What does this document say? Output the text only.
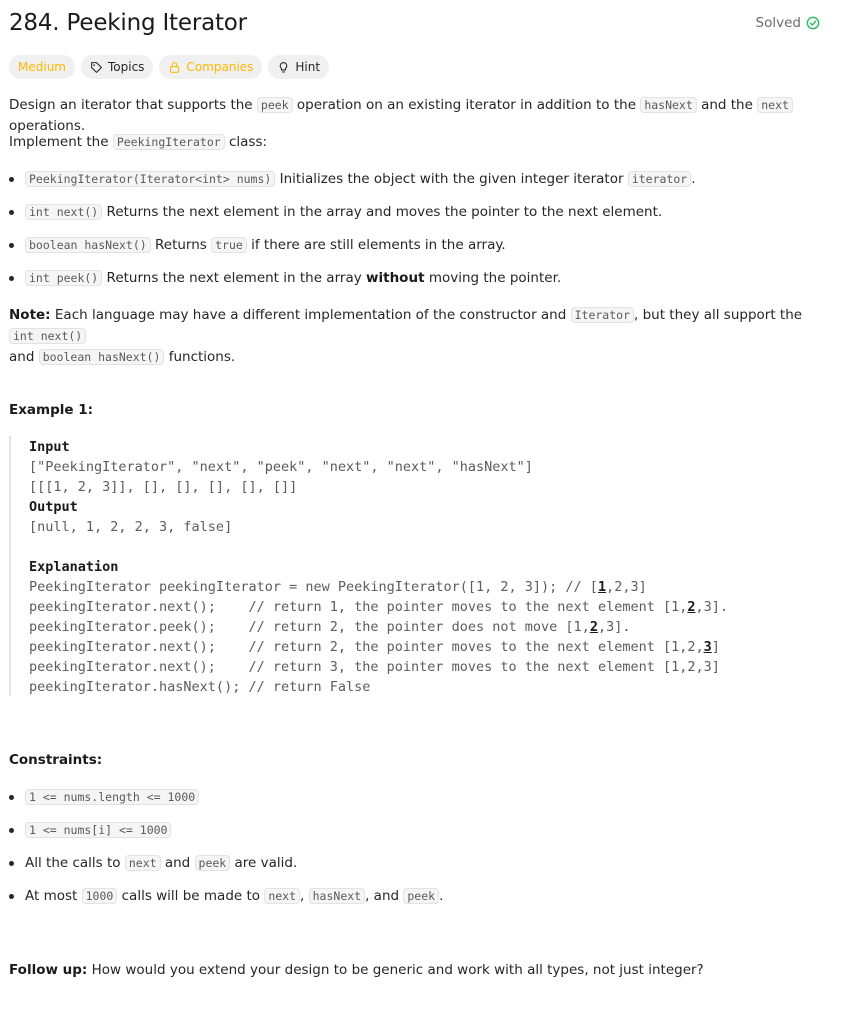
284. Peeking Iterator	Solved
Medium	Topics	Companies	Hint
Design an iterator that supports the peek operation on an existing iterator in addition to the hasNext and the next operations.
Implement the PeekingIterator class:
PeekingIterator(Iterator<int> nums) Initializes the object with the given integer iterator iterator .
int next() Returns the next element in the array and moves the pointer to the next element.
boolean hasNext() Returns true if there are still elements in the array.
int peek() Returns the next element in the array without moving the pointer.
Note: Each language may have a different implementation of the constructor and Iterator , but they all support the int next()
and boolean hasNext() functions.
Example 1:
Input
["PeekingIterator", "next", "peek", "next", "next", "hasNext"]
[[[1, 2, 3]], [], [], [], [], []]
Output
[null, 1, 2, 2, 3, false]
Explanation
PeekingIterator peekingIterator = new PeekingIterator([1, 2, 3]); // [1,2,3]
peekingIterator.next();    // return 1, the pointer moves to the next element [1,2,3].
peekingIterator.peek();    // return 2, the pointer does not move [1,2,3].
peekingIterator.next();    // return 2, the pointer moves to the next element [1,2,3]
peekingIterator.next();    // return 3, the pointer moves to the next element [1,2,3]
peekingIterator.hasNext(); // return False
Constraints:
1 <= nums.length <= 1000
1 <= nums[i] <= 1000
All the calls to next and peek are valid.
At most 1000 calls will be made to next , hasNext , and peek .
Follow up: How would you extend your design to be generic and work with all types, not just integer?
